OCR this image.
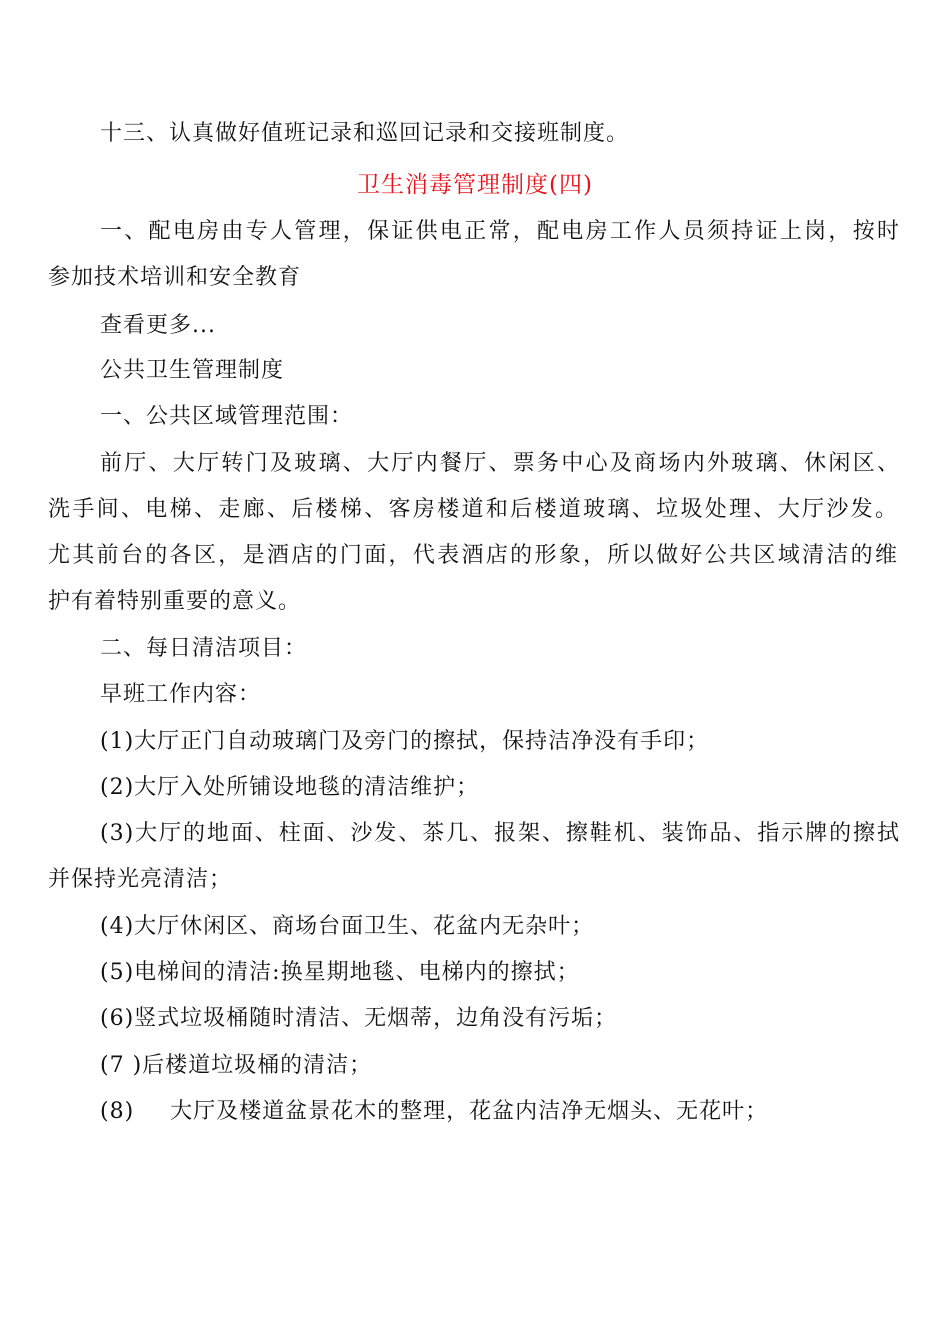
十三、认真做好值班记录和巡回记录和交接班制度。
卫生消毒管理制度(四)
一、配电房由专人管理，保证供电正常，配电房工作人员须持证上岗，按时
参加技术培训和安全教育
查看更多...
公共卫生管理制度
一、公共区域管理范围：
前厅、大厅转门及玻璃、大厅内餐厅、票务中心及商场内外玻璃、休闲区、
洗手间、电梯、走廊、后楼梯、客房楼道和后楼道玻璃、垃圾处理、大厅沙发。
尤其前台的各区，是酒店的门面，代表酒店的形象，所以做好公共区域清洁的维
护有着特别重要的意义。
二、每日清洁项目：
早班工作内容：
(1)大厅正门自动玻璃门及旁门的擦拭，保持洁净没有手印；
(2)大厅入处所铺设地毯的清洁维护；
(3)大厅的地面、柱面、沙发、茶几、报架、擦鞋机、装饰品、指示牌的擦拭
并保持光亮清洁；
(4)大厅休闲区、商场台面卫生、花盆内无杂叶；
(5)电梯间的清洁:换星期地毯、电梯内的擦拭；
(6)竖式垃圾桶随时清洁、无烟蒂，边角没有污垢；
(7 )后楼道垃圾桶的清洁；
(8) 大厅及楼道盆景花木的整理，花盆内洁净无烟头、无花叶；
